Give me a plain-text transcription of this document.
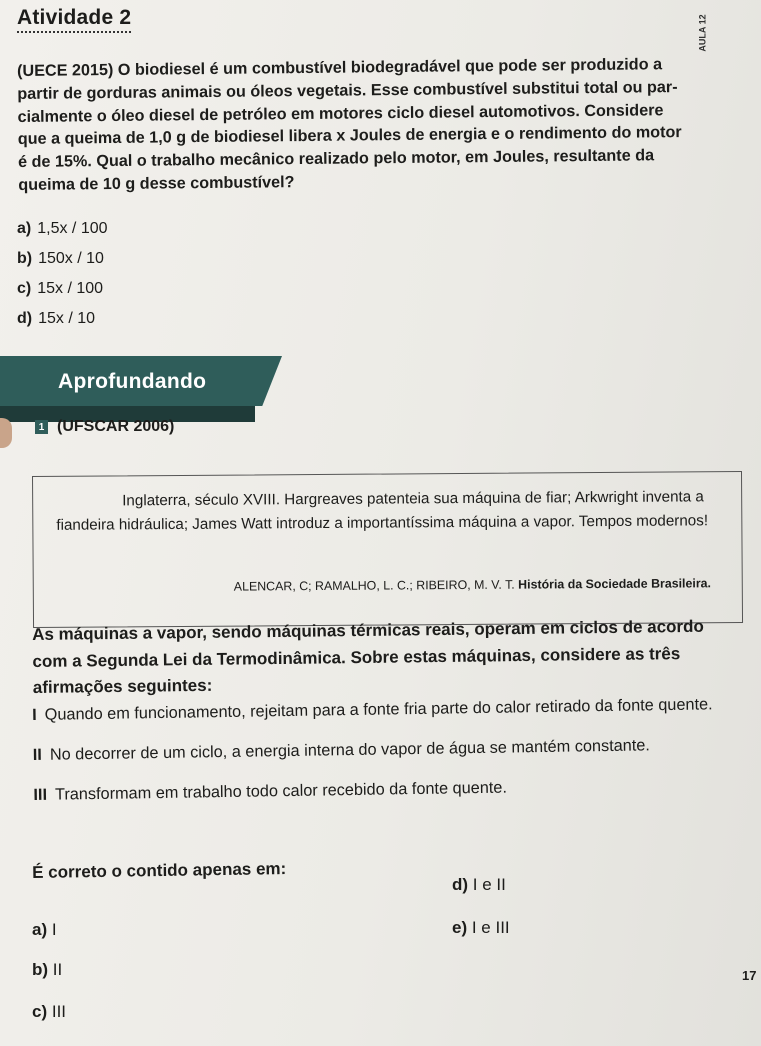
Atividade 2	AULA 12

(UECE 2015) O biodiesel é um combustível biodegradável que pode ser produzido a

partir de gorduras animais ou óleos vegetais. Esse combustível substitui total ou par-

cialmente o óleo diesel de petróleo em motores ciclo diesel automotivos. Considere

que a queima de 1,0 g de biodiesel libera x Joules de energia e o rendimento do motor

é de 15%. Qual o trabalho mecânico realizado pelo motor, em Joules, resultante da

queima de 10 g desse combustível?

a) 1,5x / 100
b) 150x / 10
c) 15x / 100
d) 15x / 10
Aprofundando
1 (UFSCAR 2006)
Inglaterra, século XVIII. Hargreaves patenteia sua máquina de fiar; Arkwright inventa a fiandeira hidráulica; James Watt introduz a importantíssima máquina a vapor. Tempos modernos!
ALENCAR, C; RAMALHO, L. C.; RIBEIRO, M. V. T. História da Sociedade Brasileira.

As máquinas a vapor, sendo máquinas térmicas reais, operam em ciclos de acordo

com a Segunda Lei da Termodinâmica. Sobre estas máquinas, considere as três

afirmações seguintes:

I Quando em funcionamento, rejeitam para a fonte fria parte do calor retirado da fonte quente.

II No decorrer de um ciclo, a energia interna do vapor de água se mantém constante.

III Transformam em trabalho todo calor recebido da fonte quente.

É correto o contido apenas em:
a) I
b) II
c) III
d) I e II
e) I e III
17
